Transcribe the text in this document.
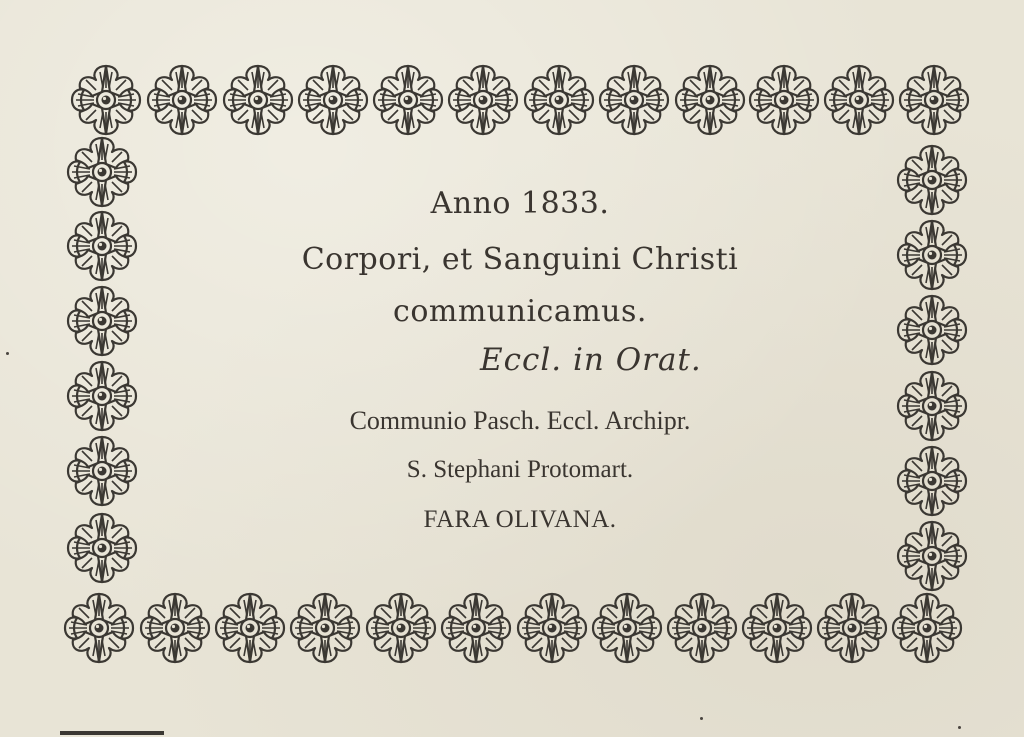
Anno 1833.
Corpori, et Sanguini Christi
communicamus.
Eccl. in Orat.
Communio Pasch. Eccl. Archipr.
S. Stephani Protomart.
FARA OLIVANA.
